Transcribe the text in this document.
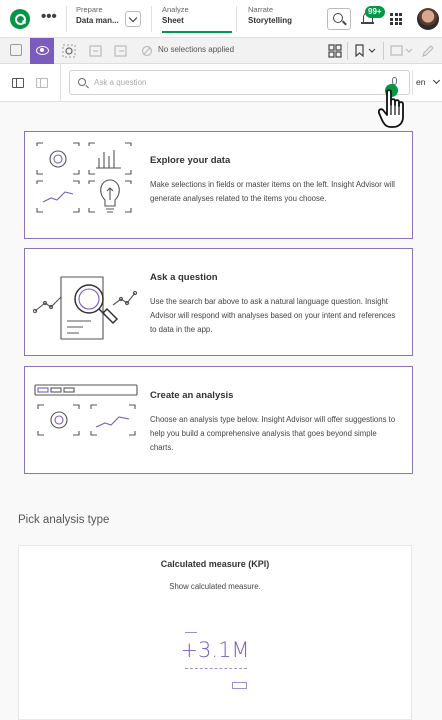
•••	Prepare
Data man...
Analyze
Sheet
Narrate
Storytelling
99+
No selections applied
Ask a question
en
Explore your data
Make selections in fields or master items on the left. Insight Advisor will generate analyses related to the items you choose.
Ask a question
Use the search bar above to ask a natural language question. Insight Advisor will respond with analyses based on your intent and references to data in the app.
Create an analysis
Choose an analysis type below. Insight Advisor will offer suggestions to help you build a comprehensive analysis that goes beyond simple charts.
Pick analysis type
Calculated measure (KPI)
Show calculated measure.
+3.1M
